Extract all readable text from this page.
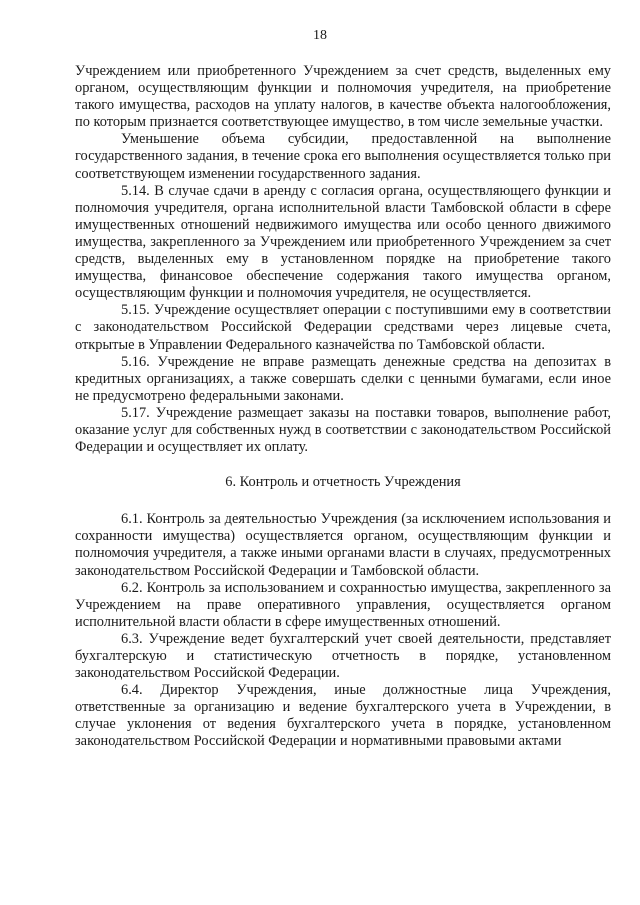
18

Учреждением или приобретенного Учреждением за счет средств, выделенных ему органом, осуществляющим функции и полномочия учредителя, на приобретение такого имущества, расходов на уплату налогов, в качестве объекта налогообложения, по которым признается соответствующее имущество, в том числе земельные участки.

Уменьшение объема субсидии, предоставленной на выполнение государственного задания, в течение срока его выполнения осуществляется только при соответствующем изменении государственного задания.

5.14. В случае сдачи в аренду с согласия органа, осуществляющего функции и полномочия учредителя, органа исполнительной власти Тамбовской области в сфере имущественных отношений недвижимого имущества или особо ценного движимого имущества, закрепленного за Учреждением или приобретенного Учреждением за счет средств, выделенных ему в установленном порядке на приобретение такого имущества, финансовое обеспечение содержания такого имущества органом, осуществляющим функции и полномочия учредителя, не осуществляется.

5.15. Учреждение осуществляет операции с поступившими ему в соответствии с законодательством Российской Федерации средствами через лицевые счета, открытые в Управлении Федерального казначейства по Тамбовской области.

5.16. Учреждение не вправе размещать денежные средства на депозитах в кредитных организациях, а также совершать сделки с ценными бумагами, если иное не предусмотрено федеральными законами.

5.17. Учреждение размещает заказы на поставки товаров, выполнение работ, оказание услуг для собственных нужд в соответствии с законодательством Российской Федерации и осуществляет их оплату.

6. Контроль и отчетность Учреждения

6.1. Контроль за деятельностью Учреждения (за исключением использования и сохранности имущества) осуществляется органом, осуществляющим функции и полномочия учредителя, а также иными органами власти в случаях, предусмотренных законодательством Российской Федерации и Тамбовской области.

6.2. Контроль за использованием и сохранностью имущества, закрепленного за Учреждением на праве оперативного управления, осуществляется органом исполнительной власти области в сфере имущественных отношений.

6.3. Учреждение ведет бухгалтерский учет своей деятельности, представляет бухгалтерскую и статистическую отчетность в порядке, установленном законодательством Российской Федерации.

6.4. Директор Учреждения, иные должностные лица Учреждения, ответственные за организацию и ведение бухгалтерского учета в Учреждении, в случае уклонения от ведения бухгалтерского учета в порядке, установленном законодательством Российской Федерации и нормативными правовыми актами
